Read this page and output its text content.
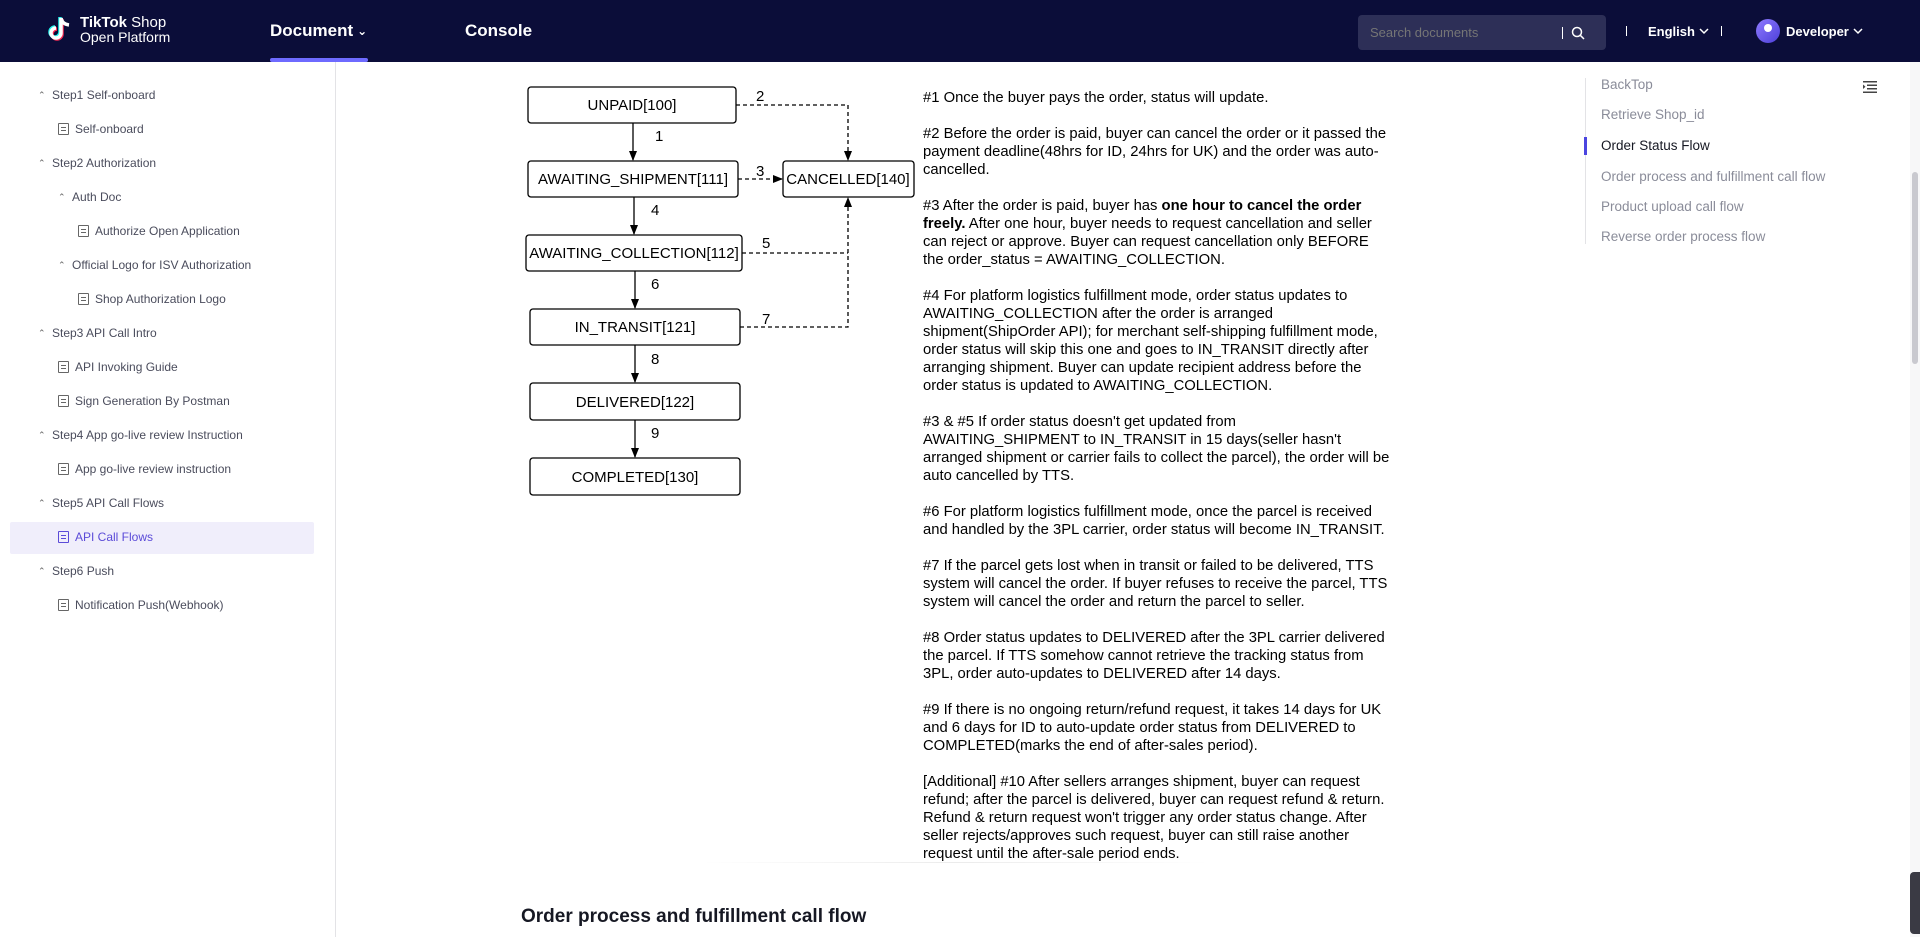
TikTok Shop
Open Platform	Document ⌄	Console
Search documents	English	Developer
⌃ Step1 Self-onboard
Self-onboard
⌃ Step2 Authorization
⌃ Auth Doc
Authorize Open Application
⌃ Official Logo for ISV Authorization
Shop Authorization Logo
⌃ Step3 API Call Intro
API Invoking Guide
Sign Generation By Postman
⌃ Step4 App go-live review Instruction
App go-live review instruction
⌃ Step5 API Call Flows
API Call Flows
⌃ Step6 Push
Notification Push(Webhook)
UNPAID[100]
AWAITING_SHIPMENT[111]	CANCELLED[140]
AWAITING_COLLECTION[112]
IN_TRANSIT[121]
DELIVERED[122]
COMPLETED[130]
2
1
3
4
5
6
7
8
9

#1 Once the buyer pays the order, status will update.

#2 Before the order is paid, buyer can cancel the order or it passed the payment deadline(48hrs for ID, 24hrs for UK) and the order was auto-cancelled.

#3 After the order is paid, buyer has one hour to cancel the order freely. After one hour, buyer needs to request cancellation and seller can reject or approve. Buyer can request cancellation only BEFORE the order_status = AWAITING_COLLECTION.

#4 For platform logistics fulfillment mode, order status updates to AWAITING_COLLECTION after the order is arranged shipment(ShipOrder API); for merchant self-shipping fulfillment mode, order status will skip this one and goes to IN_TRANSIT directly after arranging shipment. Buyer can update recipient address before the order status is updated to AWAITING_COLLECTION.

#3 & #5 If order status doesn't get updated from AWAITING_SHIPMENT to IN_TRANSIT in 15 days(seller hasn't arranged shipment or carrier fails to collect the parcel), the order will be auto cancelled by TTS.

#6 For platform logistics fulfillment mode, once the parcel is received and handled by the 3PL carrier, order status will become IN_TRANSIT.

#7 If the parcel gets lost when in transit or failed to be delivered, TTS system will cancel the order. If buyer refuses to receive the parcel, TTS system will cancel the order and return the parcel to seller.

#8 Order status updates to DELIVERED after the 3PL carrier delivered the parcel. If TTS somehow cannot retrieve the tracking status from 3PL, order auto-updates to DELIVERED after 14 days.

#9 If there is no ongoing return/refund request, it takes 14 days for UK and 6 days for ID to auto-update order status from DELIVERED to COMPLETED(marks the end of after-sales period).

[Additional] #10 After sellers arranges shipment, buyer can request refund; after the parcel is delivered, buyer can request refund & return. Refund & return request won't trigger any order status change. After seller rejects/approves such request, buyer can still raise another request until the after-sale period ends.

Order process and fulfillment call flow
BackTop
Retrieve Shop_id
Order Status Flow
Order process and fulfillment call flow
Product upload call flow
Reverse order process flow
